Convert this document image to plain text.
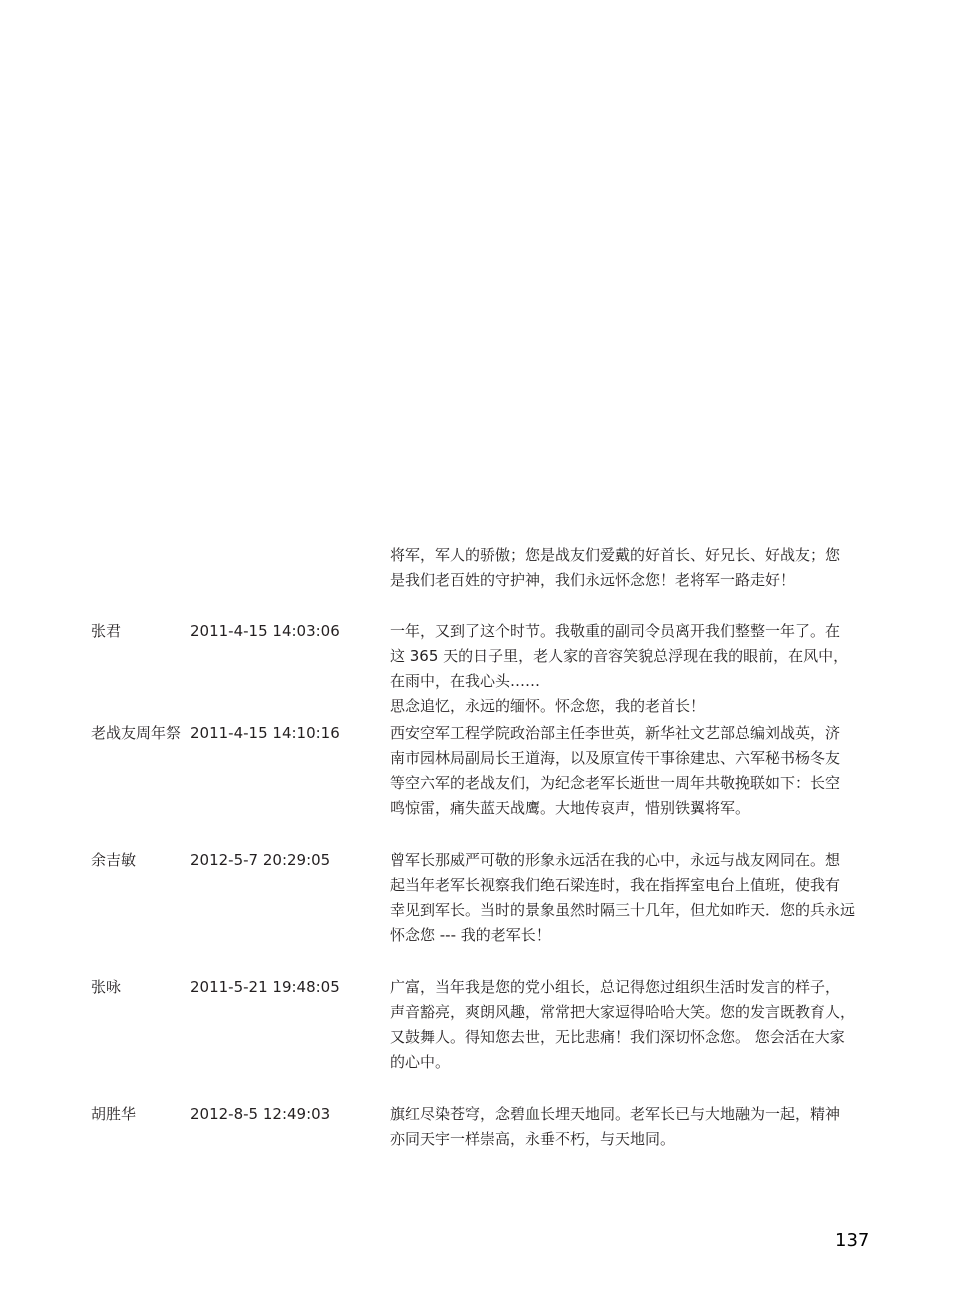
将军，军人的骄傲；您是战友们爱戴的好首长、好兄长、好战友；您
是我们老百姓的守护神，我们永远怀念您！老将军一路走好！
张君	2011-4-15 14:03:06	一年，又到了这个时节。我敬重的副司令员离开我们整整一年了。在
这 365 天的日子里，老人家的音容笑貌总浮现在我的眼前，在风中，
在雨中，在我心头……
思念追忆，永远的缅怀。怀念您，我的老首长！
老战友周年祭 2011-4-15 14:10:16	西安空军工程学院政治部主任李世英，新华社文艺部总编刘战英，济
南市园林局副局长王道海，以及原宣传干事徐建忠、六军秘书杨冬友
等空六军的老战友们，为纪念老军长逝世一周年共敬挽联如下：长空
鸣惊雷，痛失蓝天战鹰。大地传哀声，惜别铁翼将军。
余吉敏	2012-5-7 20:29:05	曾军长那威严可敬的形象永远活在我的心中，永远与战友网同在。想
起当年老军长视察我们绝石梁连时，我在指挥室电台上值班，使我有
幸见到军长。当时的景象虽然时隔三十几年，但尤如昨天．您的兵永远
怀念您 --- 我的老军长！
张咏	2011-5-21 19:48:05	广富，当年我是您的党小组长，总记得您过组织生活时发言的样子，
声音豁亮，爽朗风趣，常常把大家逗得哈哈大笑。您的发言既教育人，
又鼓舞人。得知您去世，无比悲痛！我们深切怀念您。 您会活在大家
的心中。
胡胜华	2012-8-5 12:49:03	旗红尽染苍穹，念碧血长埋天地同。老军长已与大地融为一起，精神
亦同天宇一样崇高，永垂不朽，与天地同。
137
